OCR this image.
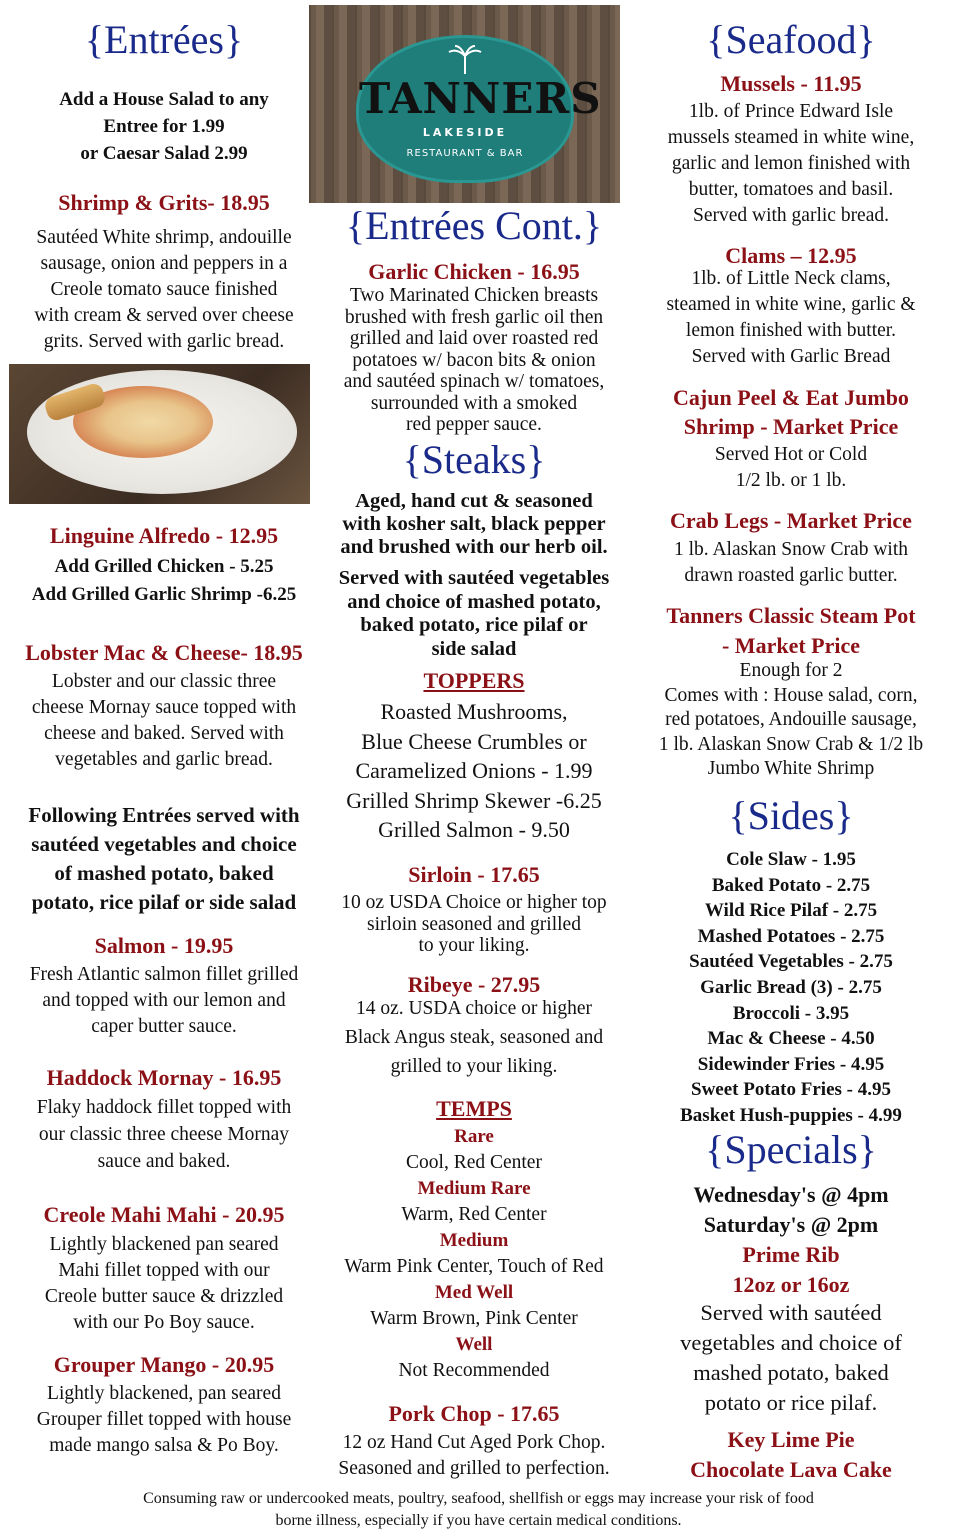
{Entrées}
Add a House Salad to any
Entree for 1.99
or Caesar Salad 2.99
Shrimp & Grits- 18.95
Sautéed White shrimp, andouille
sausage, onion and peppers in a
Creole tomato sauce finished
with cream & served over cheese
grits. Served with garlic bread.
Linguine Alfredo - 12.95
Add Grilled Chicken - 5.25
Add Grilled Garlic Shrimp -6.25
Lobster Mac & Cheese- 18.95
Lobster and our classic three
cheese Mornay sauce topped with
cheese and baked. Served with
vegetables and garlic bread.
Following Entrées served with
sautéed vegetables and choice
of mashed potato, baked
potato, rice pilaf or side salad
Salmon - 19.95
Fresh Atlantic salmon fillet grilled
and topped with our lemon and
caper butter sauce.
Haddock Mornay - 16.95
Flaky haddock fillet topped with
our classic three cheese Mornay
sauce and baked.
Creole Mahi Mahi - 20.95
Lightly blackened pan seared
Mahi fillet topped with our
Creole butter sauce & drizzled
with our Po Boy sauce.
Grouper Mango - 20.95
Lightly blackened, pan seared
Grouper fillet topped with house
made mango salsa & Po Boy.
TANNERS
LAKESIDE
RESTAURANT & BAR
{Entrées Cont.}
Garlic Chicken - 16.95
Two Marinated Chicken breasts
brushed with fresh garlic oil then
grilled and laid over roasted red
potatoes w/ bacon bits & onion
and sautéed spinach w/ tomatoes,
surrounded with a smoked
red pepper sauce.
{Steaks}
Aged, hand cut & seasoned
with kosher salt, black pepper
and brushed with our herb oil.
Served with sautéed vegetables
and choice of mashed potato,
baked potato, rice pilaf or
side salad
TOPPERS
Roasted Mushrooms,
Blue Cheese Crumbles or
Caramelized Onions - 1.99
Grilled Shrimp Skewer -6.25
Grilled Salmon - 9.50
Sirloin - 17.65
10 oz USDA Choice or higher top
sirloin seasoned and grilled
to your liking.
Ribeye - 27.95
14 oz. USDA choice or higher
Black Angus steak, seasoned and
grilled to your liking.
TEMPS
Rare
Cool, Red Center
Medium Rare
Warm, Red Center
Medium
Warm Pink Center, Touch of Red
Med Well
Warm Brown, Pink Center
Well
Not Recommended
Pork Chop - 17.65
12 oz Hand Cut Aged Pork Chop.
Seasoned and grilled to perfection.
{Seafood}
Mussels - 11.95
1lb. of Prince Edward Isle
mussels steamed in white wine,
garlic and lemon finished with
butter, tomatoes and basil.
Served with garlic bread.
Clams – 12.95
1lb. of Little Neck clams,
steamed in white wine, garlic &
lemon finished with butter.
Served with Garlic Bread
Cajun Peel & Eat Jumbo
Shrimp - Market Price
Served Hot or Cold
1/2 lb. or 1 lb.
Crab Legs - Market Price
1 lb. Alaskan Snow Crab with
drawn roasted garlic butter.
Tanners Classic Steam Pot
- Market Price
Enough for 2
Comes with : House salad, corn,
red potatoes, Andouille sausage,
1 lb. Alaskan Snow Crab & 1/2 lb
Jumbo White Shrimp
{Sides}
Cole Slaw - 1.95
Baked Potato - 2.75
Wild Rice Pilaf - 2.75
Mashed Potatoes - 2.75
Sautéed Vegetables - 2.75
Garlic Bread (3) - 2.75
Broccoli - 3.95
Mac & Cheese - 4.50
Sidewinder Fries - 4.95
Sweet Potato Fries - 4.95
Basket Hush-puppies - 4.99
{Specials}
Wednesday's @ 4pm
Saturday's @ 2pm
Prime Rib
12oz or 16oz
Served with sautéed
vegetables and choice of
mashed potato, baked
potato or rice pilaf.
Key Lime Pie
Chocolate Lava Cake
Consuming raw or undercooked meats, poultry, seafood, shellfish or eggs may increase your risk of food
borne illness, especially if you have certain medical conditions.
